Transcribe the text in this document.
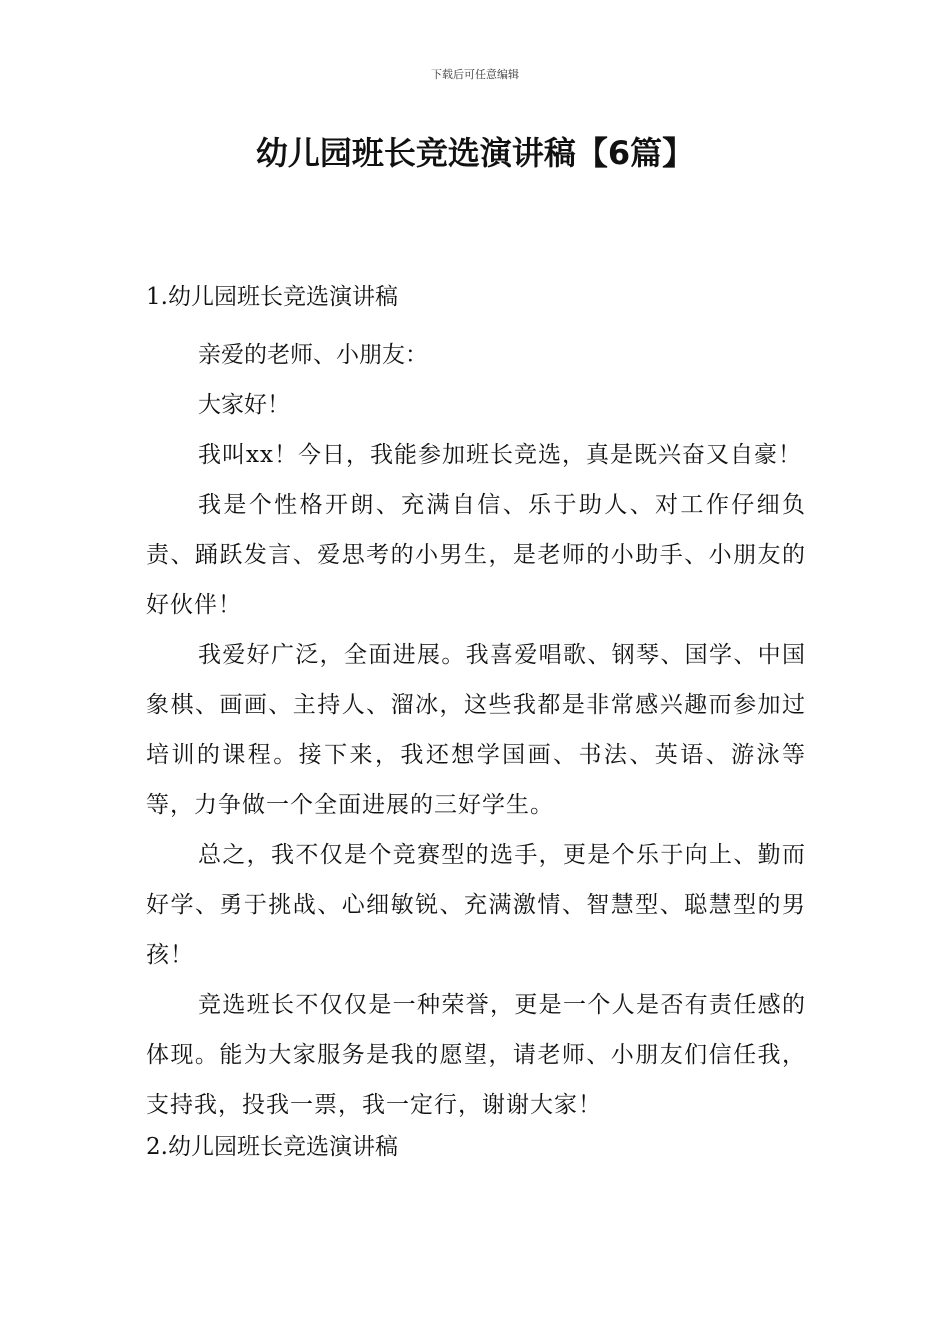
下载后可任意编辑
幼儿园班长竞选演讲稿【6篇】
1.幼儿园班长竞选演讲稿

亲爱的老师、小朋友：

大家好！

我叫xx！今日，我能参加班长竞选，真是既兴奋又自豪！

我是个性格开朗、充满自信、乐于助人、对工作仔细负责、踊跃发言、爱思考的小男生，是老师的小助手、小朋友的好伙伴！

我爱好广泛，全面进展。我喜爱唱歌、钢琴、国学、中国象棋、画画、主持人、溜冰，这些我都是非常感兴趣而参加过培训的课程。接下来，我还想学国画、书法、英语、游泳等等，力争做一个全面进展的三好学生。

总之，我不仅是个竞赛型的选手，更是个乐于向上、勤而好学、勇于挑战、心细敏锐、充满激情、智慧型、聪慧型的男孩！

竞选班长不仅仅是一种荣誉，更是一个人是否有责任感的体现。能为大家服务是我的愿望，请老师、小朋友们信任我，支持我，投我一票，我一定行，谢谢大家！

2.幼儿园班长竞选演讲稿
